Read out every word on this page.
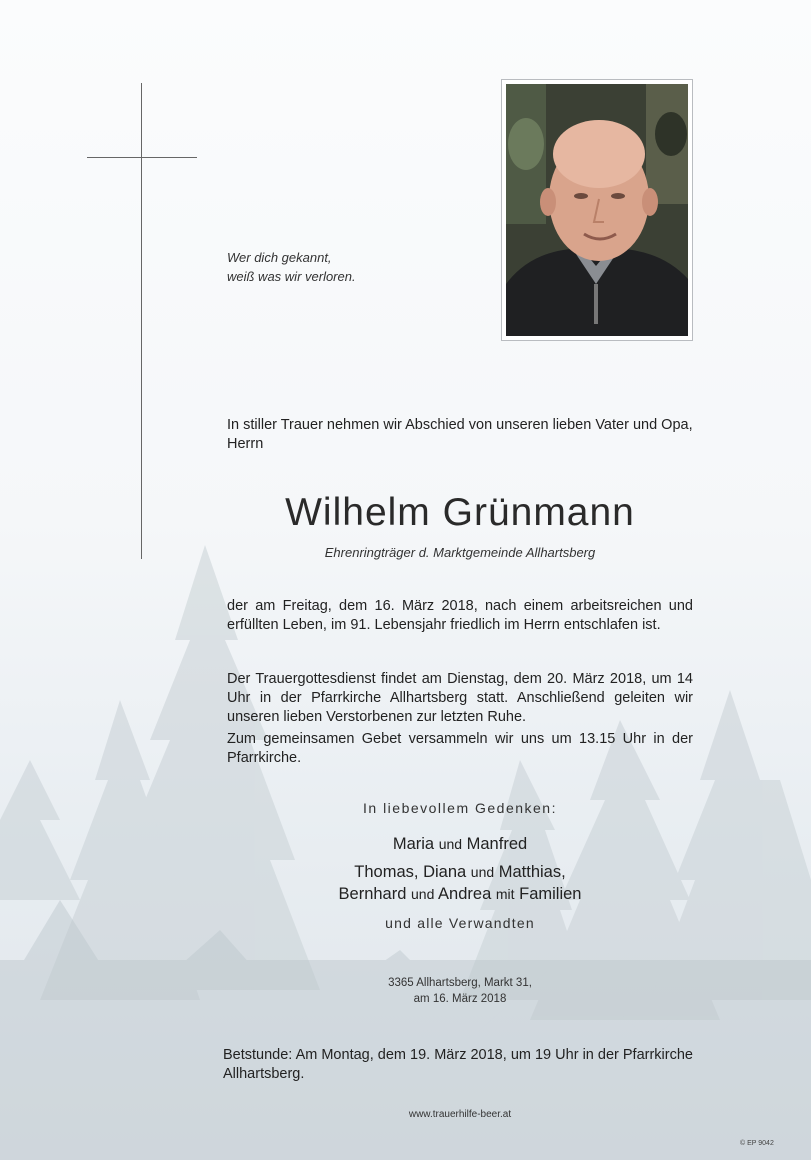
Wer dich gekannt,
weiß was wir verloren.
In stiller Trauer nehmen wir Abschied von unseren lieben Vater und Opa, Herrn
Wilhelm Grünmann
Ehrenringträger d. Marktgemeinde Allhartsberg
der am Freitag, dem 16. März 2018, nach einem arbeitsreichen und erfüllten Leben, im 91. Lebensjahr friedlich im Herrn entschlafen ist.
Der Trauergottesdienst findet am Dienstag, dem 20. März 2018, um 14 Uhr in der Pfarrkirche Allhartsberg statt. Anschließend geleiten wir unseren lieben Verstorbenen zur letzten Ruhe.
Zum gemeinsamen Gebet versammeln wir uns um 13.15 Uhr in der Pfarrkirche.
In liebevollem Gedenken:
Maria und Manfred
Thomas, Diana und Matthias,
Bernhard und Andrea mit Familien
und alle Verwandten
3365 Allhartsberg, Markt 31,
am 16. März 2018
Betstunde: Am Montag, dem 19. März 2018, um 19 Uhr in der Pfarrkirche Allhartsberg.
www.trauerhilfe-beer.at
© EP 9042
